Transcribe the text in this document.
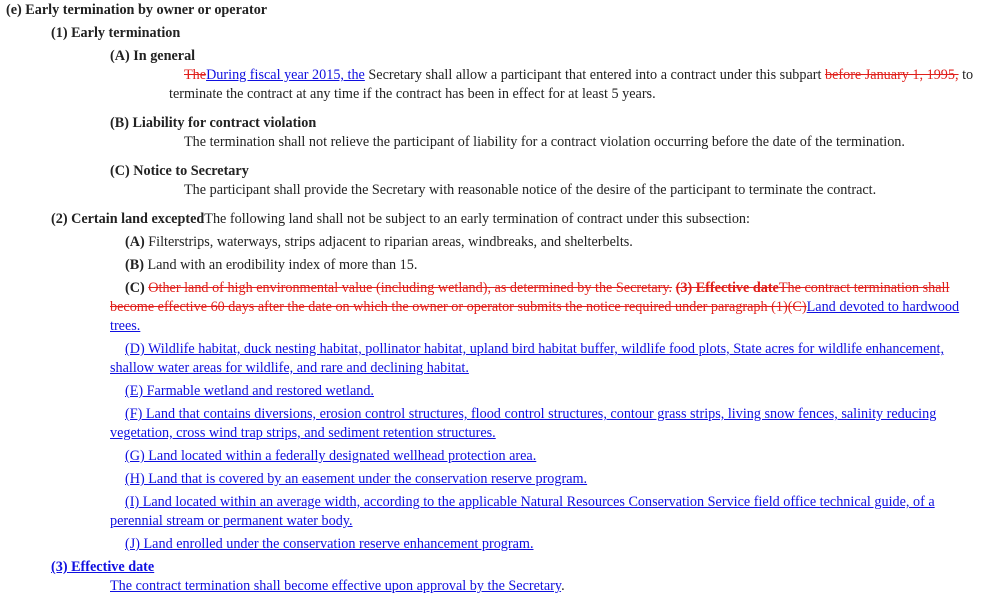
(e) Early termination by owner or operator
(1) Early termination
(A) In general
TheDuring fiscal year 2015, the Secretary shall allow a participant that entered into a contract under this subpart before January 1, 1995, to
terminate the contract at any time if the contract has been in effect for at least 5 years.
(B) Liability for contract violation
The termination shall not relieve the participant of liability for a contract violation occurring before the date of the termination.
(C) Notice to Secretary
The participant shall provide the Secretary with reasonable notice of the desire of the participant to terminate the contract.
(2) Certain land exceptedThe following land shall not be subject to an early termination of contract under this subsection:
(A) Filterstrips, waterways, strips adjacent to riparian areas, windbreaks, and shelterbelts.
(B) Land with an erodibility index of more than 15.
(C) Other land of high environmental value (including wetland), as determined by the Secretary. (3) Effective dateThe contract termination shall
become effective 60 days after the date on which the owner or operator submits the notice required under paragraph (1)(C)Land devoted to hardwood
trees.
(D) Wildlife habitat, duck nesting habitat, pollinator habitat, upland bird habitat buffer, wildlife food plots, State acres for wildlife enhancement,
shallow water areas for wildlife, and rare and declining habitat.
(E) Farmable wetland and restored wetland.
(F) Land that contains diversions, erosion control structures, flood control structures, contour grass strips, living snow fences, salinity reducing
vegetation, cross wind trap strips, and sediment retention structures.
(G) Land located within a federally designated wellhead protection area.
(H) Land that is covered by an easement under the conservation reserve program.
(I) Land located within an average width, according to the applicable Natural Resources Conservation Service field office technical guide, of a
perennial stream or permanent water body.
(J) Land enrolled under the conservation reserve enhancement program.
(3) Effective date
The contract termination shall become effective upon approval by the Secretary.
